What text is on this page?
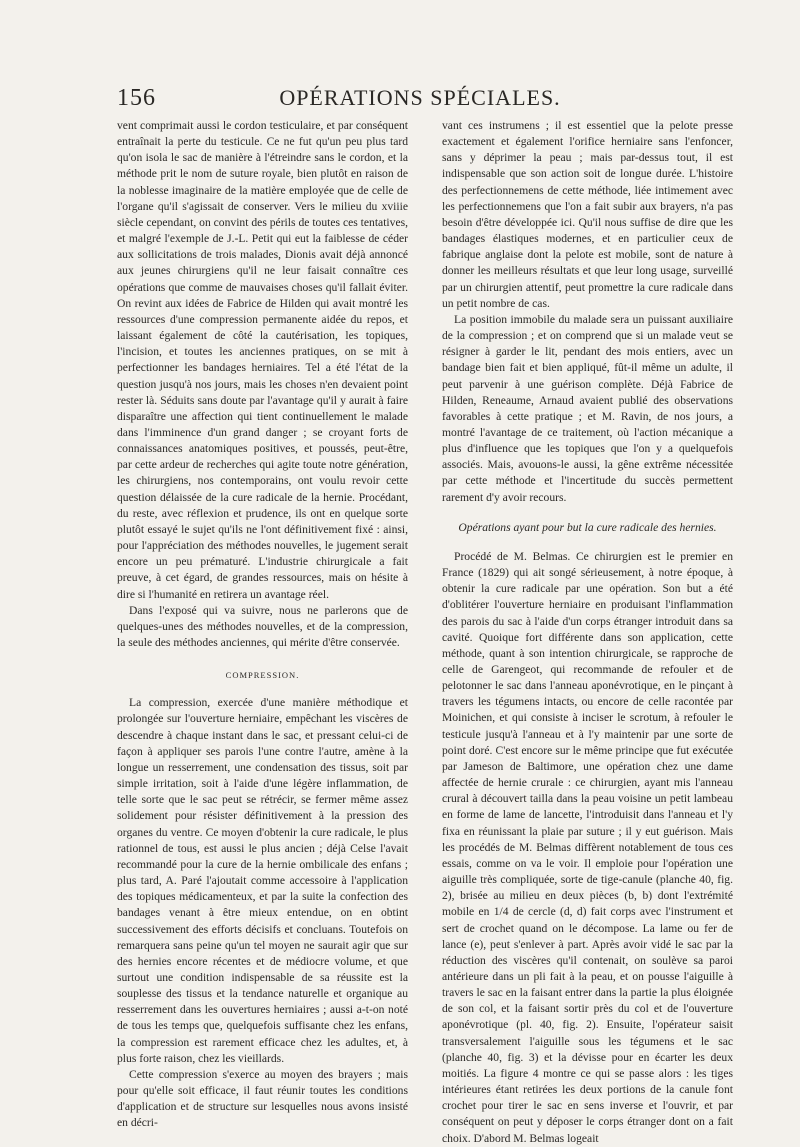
156	OPÉRATIONS SPÉCIALES.

vent comprimait aussi le cordon testiculaire, et par conséquent entraînait la perte du testicule. Ce ne fut qu'un peu plus tard qu'on isola le sac de manière à l'étreindre sans le cordon, et la méthode prit le nom de suture royale, bien plutôt en raison de la noblesse imaginaire de la matière employée que de celle de l'organe qu'il s'agissait de conserver. Vers le milieu du xviiie siècle cependant, on convint des périls de toutes ces tentatives, et malgré l'exemple de J.-L. Petit qui eut la faiblesse de céder aux sollicitations de trois malades, Dionis avait déjà annoncé aux jeunes chirurgiens qu'il ne leur faisait connaître ces opérations que comme de mauvaises choses qu'il fallait éviter. On revint aux idées de Fabrice de Hilden qui avait montré les ressources d'une compression permanente aidée du repos, et laissant également de côté la cautérisation, les topiques, l'incision, et toutes les anciennes pratiques, on se mit à perfectionner les bandages herniaires. Tel a été l'état de la question jusqu'à nos jours, mais les choses n'en devaient point rester là. Séduits sans doute par l'avantage qu'il y aurait à faire disparaître une affection qui tient continuellement le malade dans l'imminence d'un grand danger ; se croyant forts de connaissances anatomiques positives, et poussés, peut-être, par cette ardeur de recherches qui agite toute notre génération, les chirurgiens, nos contemporains, ont voulu revoir cette question délaissée de la cure radicale de la hernie. Procédant, du reste, avec réflexion et prudence, ils ont en quelque sorte plutôt essayé le sujet qu'ils ne l'ont définitivement fixé : ainsi, pour l'appréciation des méthodes nouvelles, le jugement serait encore un peu prématuré. L'industrie chirurgicale a fait preuve, à cet égard, de grandes ressources, mais on hésite à dire si l'humanité en retirera un avantage réel.

Dans l'exposé qui va suivre, nous ne parlerons que de quelques-unes des méthodes nouvelles, et de la compression, la seule des méthodes anciennes, qui mérite d'être conservée.

COMPRESSION.

La compression, exercée d'une manière méthodique et prolongée sur l'ouverture herniaire, empêchant les viscères de descendre à chaque instant dans le sac, et pressant celui-ci de façon à appliquer ses parois l'une contre l'autre, amène à la longue un resserrement, une condensation des tissus, soit par simple irritation, soit à l'aide d'une légère inflammation, de telle sorte que le sac peut se rétrécir, se fermer même assez solidement pour résister définitivement à la pression des organes du ventre. Ce moyen d'obtenir la cure radicale, le plus rationnel de tous, est aussi le plus ancien ; déjà Celse l'avait recommandé pour la cure de la hernie ombilicale des enfans ; plus tard, A. Paré l'ajoutait comme accessoire à l'application des topiques médicamenteux, et par la suite la confection des bandages venant à être mieux entendue, on en obtint successivement des efforts décisifs et concluans. Toutefois on remarquera sans peine qu'un tel moyen ne saurait agir que sur des hernies encore récentes et de médiocre volume, et que surtout une condition indispensable de sa réussite est la souplesse des tissus et la tendance naturelle et organique au resserrement dans les ouvertures herniaires ; aussi a-t-on noté de tous les temps que, quelquefois suffisante chez les enfans, la compression est rarement efficace chez les adultes, et, à plus forte raison, chez les vieillards.

Cette compression s'exerce au moyen des brayers ; mais pour qu'elle soit efficace, il faut réunir toutes les conditions d'application et de structure sur lesquelles nous avons insisté en décri-

vant ces instrumens ; il est essentiel que la pelote presse exactement et également l'orifice herniaire sans l'enfoncer, sans y déprimer la peau ; mais par-dessus tout, il est indispensable que son action soit de longue durée. L'histoire des perfectionnemens de cette méthode, liée intimement avec les perfectionnemens que l'on a fait subir aux brayers, n'a pas besoin d'être développée ici. Qu'il nous suffise de dire que les bandages élastiques modernes, et en particulier ceux de fabrique anglaise dont la pelote est mobile, sont de nature à donner les meilleurs résultats et que leur long usage, surveillé par un chirurgien attentif, peut promettre la cure radicale dans un petit nombre de cas.

La position immobile du malade sera un puissant auxiliaire de la compression ; et on comprend que si un malade veut se résigner à garder le lit, pendant des mois entiers, avec un bandage bien fait et bien appliqué, fût-il même un adulte, il peut parvenir à une guérison complète. Déjà Fabrice de Hilden, Reneaume, Arnaud avaient publié des observations favorables à cette pratique ; et M. Ravin, de nos jours, a montré l'avantage de ce traitement, où l'action mécanique a plus d'influence que les topiques que l'on y a quelquefois associés. Mais, avouons-le aussi, la gêne extrême nécessitée par cette méthode et l'incertitude du succès permettent rarement d'y avoir recours.

Opérations ayant pour but la cure radicale des hernies.

Procédé de M. Belmas. Ce chirurgien est le premier en France (1829) qui ait songé sérieusement, à notre époque, à obtenir la cure radicale par une opération. Son but a été d'oblitérer l'ouverture herniaire en produisant l'inflammation des parois du sac à l'aide d'un corps étranger introduit dans sa cavité. Quoique fort différente dans son application, cette méthode, quant à son intention chirurgicale, se rapproche de celle de Garengeot, qui recommande de refouler et de pelotonner le sac dans l'anneau aponévrotique, en le pinçant à travers les tégumens intacts, ou encore de celle racontée par Moinichen, et qui consiste à inciser le scrotum, à refouler le testicule jusqu'à l'anneau et à l'y maintenir par une sorte de point doré. C'est encore sur le même principe que fut exécutée par Jameson de Baltimore, une opération chez une dame affectée de hernie crurale : ce chirurgien, ayant mis l'anneau crural à découvert tailla dans la peau voisine un petit lambeau en forme de lame de lancette, l'introduisit dans l'anneau et l'y fixa en réunissant la plaie par suture ; il y eut guérison. Mais les procédés de M. Belmas diffèrent notablement de tous ces essais, comme on va le voir. Il emploie pour l'opération une aiguille très compliquée, sorte de tige-canule (planche 40, fig. 2), brisée au milieu en deux pièces (b, b) dont l'extrémité mobile en 1/4 de cercle (d, d) fait corps avec l'instrument et sert de crochet quand on le décompose. La lame ou fer de lance (e), peut s'enlever à part. Après avoir vidé le sac par la réduction des viscères qu'il contenait, on soulève sa paroi antérieure dans un pli fait à la peau, et on pousse l'aiguille à travers le sac en la faisant entrer dans la partie la plus éloignée de son col, et la faisant sortir près du col et de l'ouverture aponévrotique (pl. 40, fig. 2). Ensuite, l'opérateur saisit transversalement l'aiguille sous les tégumens et le sac (planche 40, fig. 3) et la dévisse pour en écarter les deux moitiés. La figure 4 montre ce qui se passe alors : les tiges intérieures étant retirées les deux portions de la canule font crochet pour tirer le sac en sens inverse et l'ouvrir, et par conséquent on peut y déposer le corps étranger dont on a fait choix. D'abord M. Belmas logeait
